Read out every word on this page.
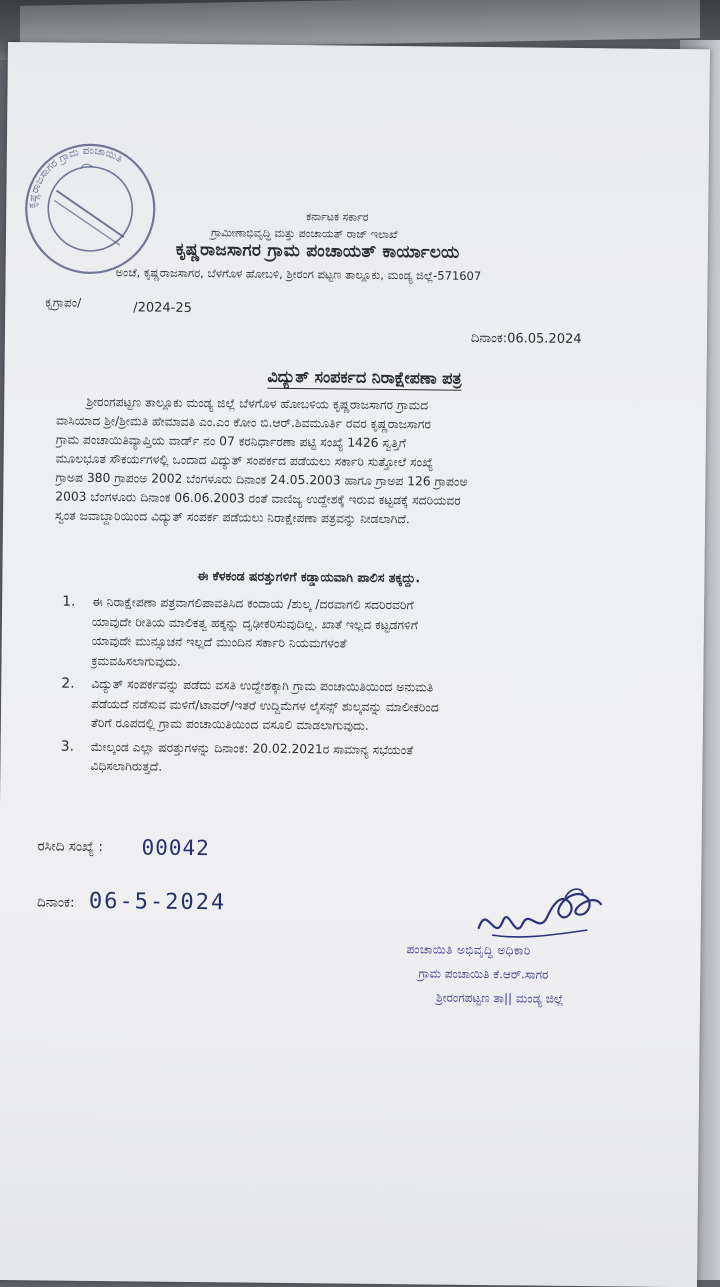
ಕೃಷ್ಣರಾಜಸಾಗರ ಗ್ರಾಮ ಪಂಚಾಯಿತಿ
ಕರ್ನಾಟಕ ಸರ್ಕಾರ
ಗ್ರಾಮೀಣಾಭಿವೃದ್ಧಿ ಮತ್ತು ಪಂಚಾಯತ್ ರಾಜ್ ಇಲಾಖೆ
ಕೃಷ್ಣರಾಜಸಾಗರ ಗ್ರಾಮ ಪಂಚಾಯತ್ ಕಾರ್ಯಾಲಯ
ಅಂಚೆ, ಕೃಷ್ಣರಾಜಸಾಗರ, ಬೆಳಗೊಳ ಹೋಬಳಿ, ಶ್ರೀರಂಗ ಪಟ್ಟಣ ತಾಲ್ಲೂಕು, ಮಂಡ್ಯ ಜಿಲ್ಲೆ-571607
ಕೃಗ್ರಾಪಂ/	/2024-25
ದಿನಾಂಕ:06.05.2024
ವಿದ್ಯುತ್ ಸಂಪರ್ಕದ ನಿರಾಕ್ಷೇಪಣಾ ಪತ್ರ
ಶ್ರೀರಂಗಪಟ್ಟಣ ತಾಲ್ಲೂಕು ಮಂಡ್ಯ ಜಿಲ್ಲೆ ಬೆಳಗೊಳ ಹೋಬಳಿಯ ಕೃಷ್ಣರಾಜಸಾಗರ ಗ್ರಾಮದ
ವಾಸಿಯಾದ ಶ್ರೀ/ಶ್ರೀಮತಿ ಹೇಮಾವತಿ ಎಂ.ಎಂ ಕೋಂ ಬಿ.ಆರ್.ಶಿವಮೂರ್ತಿ ರವರ ಕೃಷ್ಣರಾಜಸಾಗರ
ಗ್ರಾಮ ಪಂಚಾಯಿತಿವ್ಯಾಪ್ತಿಯ ವಾರ್ಡ್ ನಂ 07 ಕರನಿರ್ಧಾರಣಾ ಪಟ್ಟಿ ಸಂಖ್ಯೆ 1426 ಸ್ವತ್ತಿಗೆ
ಮೂಲಭೂತ ಸೌಕರ್ಯಗಳಲ್ಲಿ ಒಂದಾದ ವಿದ್ಯುತ್ ಸಂಪರ್ಕದ ಪಡೆಯಲು ಸರ್ಕಾರಿ ಸುತ್ತೋಲೆ ಸಂಖ್ಯೆ
ಗ್ರಾಅಪ 380 ಗ್ರಾಪಂಅ 2002 ಬೆಂಗಳೂರು ದಿನಾಂಕ 24.05.2003 ಹಾಗೂ ಗ್ರಾಅಪ 126 ಗ್ರಾಪಂಅ
2003 ಬೆಂಗಳೂರು ದಿನಾಂಕ 06.06.2003 ರಂತೆ ವಾಣಿಜ್ಯ ಉದ್ದೇಶಕ್ಕೆ ಇರುವ ಕಟ್ಟಡಕ್ಕೆ ಸದರಿಯವರ
ಸ್ವಂತ ಜವಾಬ್ದಾರಿಯಿಂದ ವಿದ್ಯುತ್ ಸಂಪರ್ಕ ಪಡೆಯಲು ನಿರಾಕ್ಷೇಪಣಾ ಪತ್ರವನ್ನು ನೀಡಲಾಗಿದೆ.
ಈ ಕೆಳಕಂಡ ಷರತ್ತುಗಳಿಗೆ ಕಡ್ಡಾಯವಾಗಿ ಪಾಲಿಸ ತಕ್ಕದ್ದು.
1. ಈ ನಿರಾಕ್ಷೇಪಣಾ ಪತ್ರವಾಗಲಿಪಾವತಿಸಿದ ಕಂದಾಯ /ಶುಲ್ಕ /ದರವಾಗಲಿ ಸದರಿರವರಿಗೆ
ಯಾವುದೇ ರೀತಿಯ ಮಾಲಿಕತ್ವ ಹಕ್ಕನ್ನು ದೃಢೀಕರಿಸುವುದಿಲ್ಲ. ಖಾತೆ ಇಲ್ಲದ ಕಟ್ಟಡಗಳಿಗೆ
ಯಾವುದೇ ಮುನ್ಸೂಚನೆ ಇಲ್ಲದೆ ಮುಂದಿನ ಸರ್ಕಾರಿ ನಿಯಮಗಳಂತೆ
ಕ್ರಮವಹಿಸಲಾಗುವುದು.
2. ವಿದ್ಯುತ್ ಸಂಪರ್ಕವನ್ನು ಪಡೆದು ವಸತಿ ಉದ್ದೇಶಕ್ಕಾಗಿ ಗ್ರಾಮ ಪಂಚಾಯಿತಿಯಿಂದ ಅನುಮತಿ
ಪಡೆಯದೆ ನಡೆಸುವ ಮಳಿಗೆ/ಟಾವರ್/ಇತರೆ ಉದ್ದಿಮೆಗಳ ಲೈಸನ್ಸ್ ಶುಲ್ಕವನ್ನು ಮಾಲೀಕರಿಂದ
ತೆರಿಗೆ ರೂಪದಲ್ಲಿ ಗ್ರಾಮ ಪಂಚಾಯಿತಿಯಿಂದ ವಸೂಲಿ ಮಾಡಲಾಗುವುದು.
3. ಮೇಲ್ಕಂಡ ಎಲ್ಲಾ ಷರತ್ತುಗಳನ್ನು ದಿನಾಂಕ: 20.02.2021ರ ಸಾಮಾನ್ಯ ಸಭೆಯಂತೆ
ವಿಧಿಸಲಾಗಿರುತ್ತದೆ.
ರಸೀದಿ ಸಂಖ್ಯೆ : 00042
ದಿನಾಂಕ: 06-5-2024
ಪಂಚಾಯಿತಿ ಅಭಿವೃದ್ಧಿ ಅಧಿಕಾರಿ
ಗ್ರಾಮ ಪಂಚಾಯಿತಿ ಕೆ.ಆರ್.ಸಾಗರ
ಶ್ರೀರಂಗಪಟ್ಟಣ ತಾ|| ಮಂಡ್ಯ ಜಿಲ್ಲೆ
